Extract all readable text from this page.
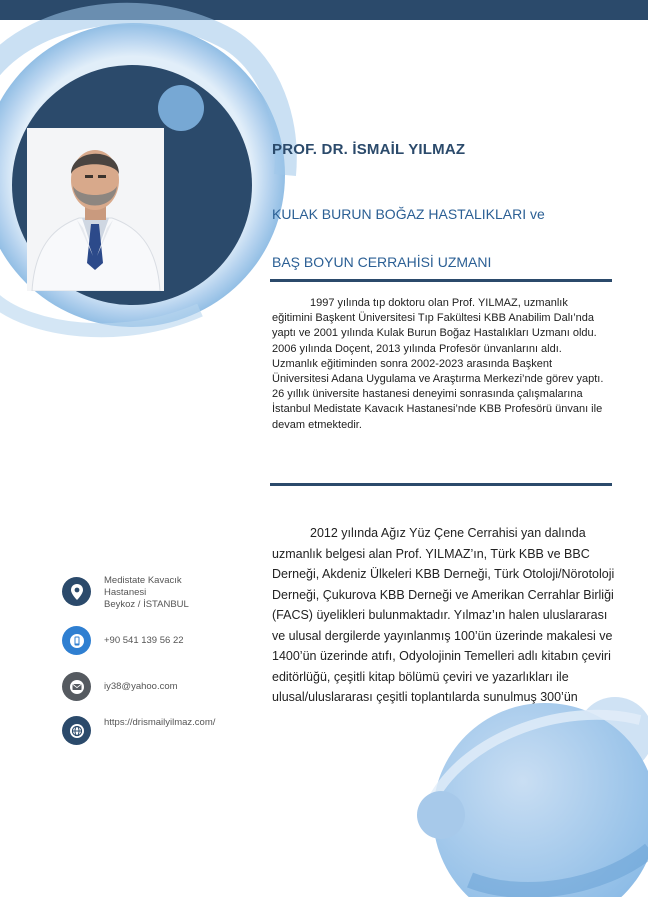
PROF. DR. İSMAİL YILMAZ
KULAK BURUN BOĞAZ HASTALIKLARI ve
BAŞ BOYUN CERRAHİSİ UZMANI
1997 yılında tıp doktoru olan Prof. YILMAZ, uzmanlık eğitimini Başkent Üniversitesi Tıp Fakültesi KBB Anabilim Dalı’nda yaptı ve 2001 yılında Kulak Burun Boğaz Hastalıkları Uzmanı oldu. 2006 yılında Doçent, 2013 yılında Profesör ünvanlarını aldı. Uzmanlık eğitiminden sonra 2002-2023 arasında Başkent Üniversitesi Adana Uygulama ve Araştırma Merkezi’nde görev yaptı. 26 yıllık üniversite hastanesi deneyimi sonrasında çalışmalarına İstanbul Medistate Kavacık Hastanesi’nde KBB Profesörü ünvanı ile devam etmektedir.
2012 yılında Ağız Yüz Çene Cerrahisi yan dalında uzmanlık belgesi alan Prof. YILMAZ’ın, Türk KBB ve BBC Derneği, Akdeniz Ülkeleri KBB Derneği, Türk Otoloji/Nörotoloji Derneği, Çukurova KBB Derneği ve Amerikan Cerrahlar Birliği (FACS) üyelikleri bulunmaktadır. Yılmaz’ın halen uluslararası ve ulusal dergilerde yayınlanmış 100’ün üzerinde makalesi ve 1400’ün üzerinde atıfı, Odyolojinin Temelleri adlı kitabın çeviri editörlüğü, çeşitli kitap bölümü çeviri ve yazarlıkları ile ulusal/uluslararası çeşitli toplantılarda sunulmuş 300’ün
Medistate Kavacık
Hastanesi
Beykoz / İSTANBUL
+90 541 139 56 22
iy38@yahoo.com
https://drismailyilmaz.com/
